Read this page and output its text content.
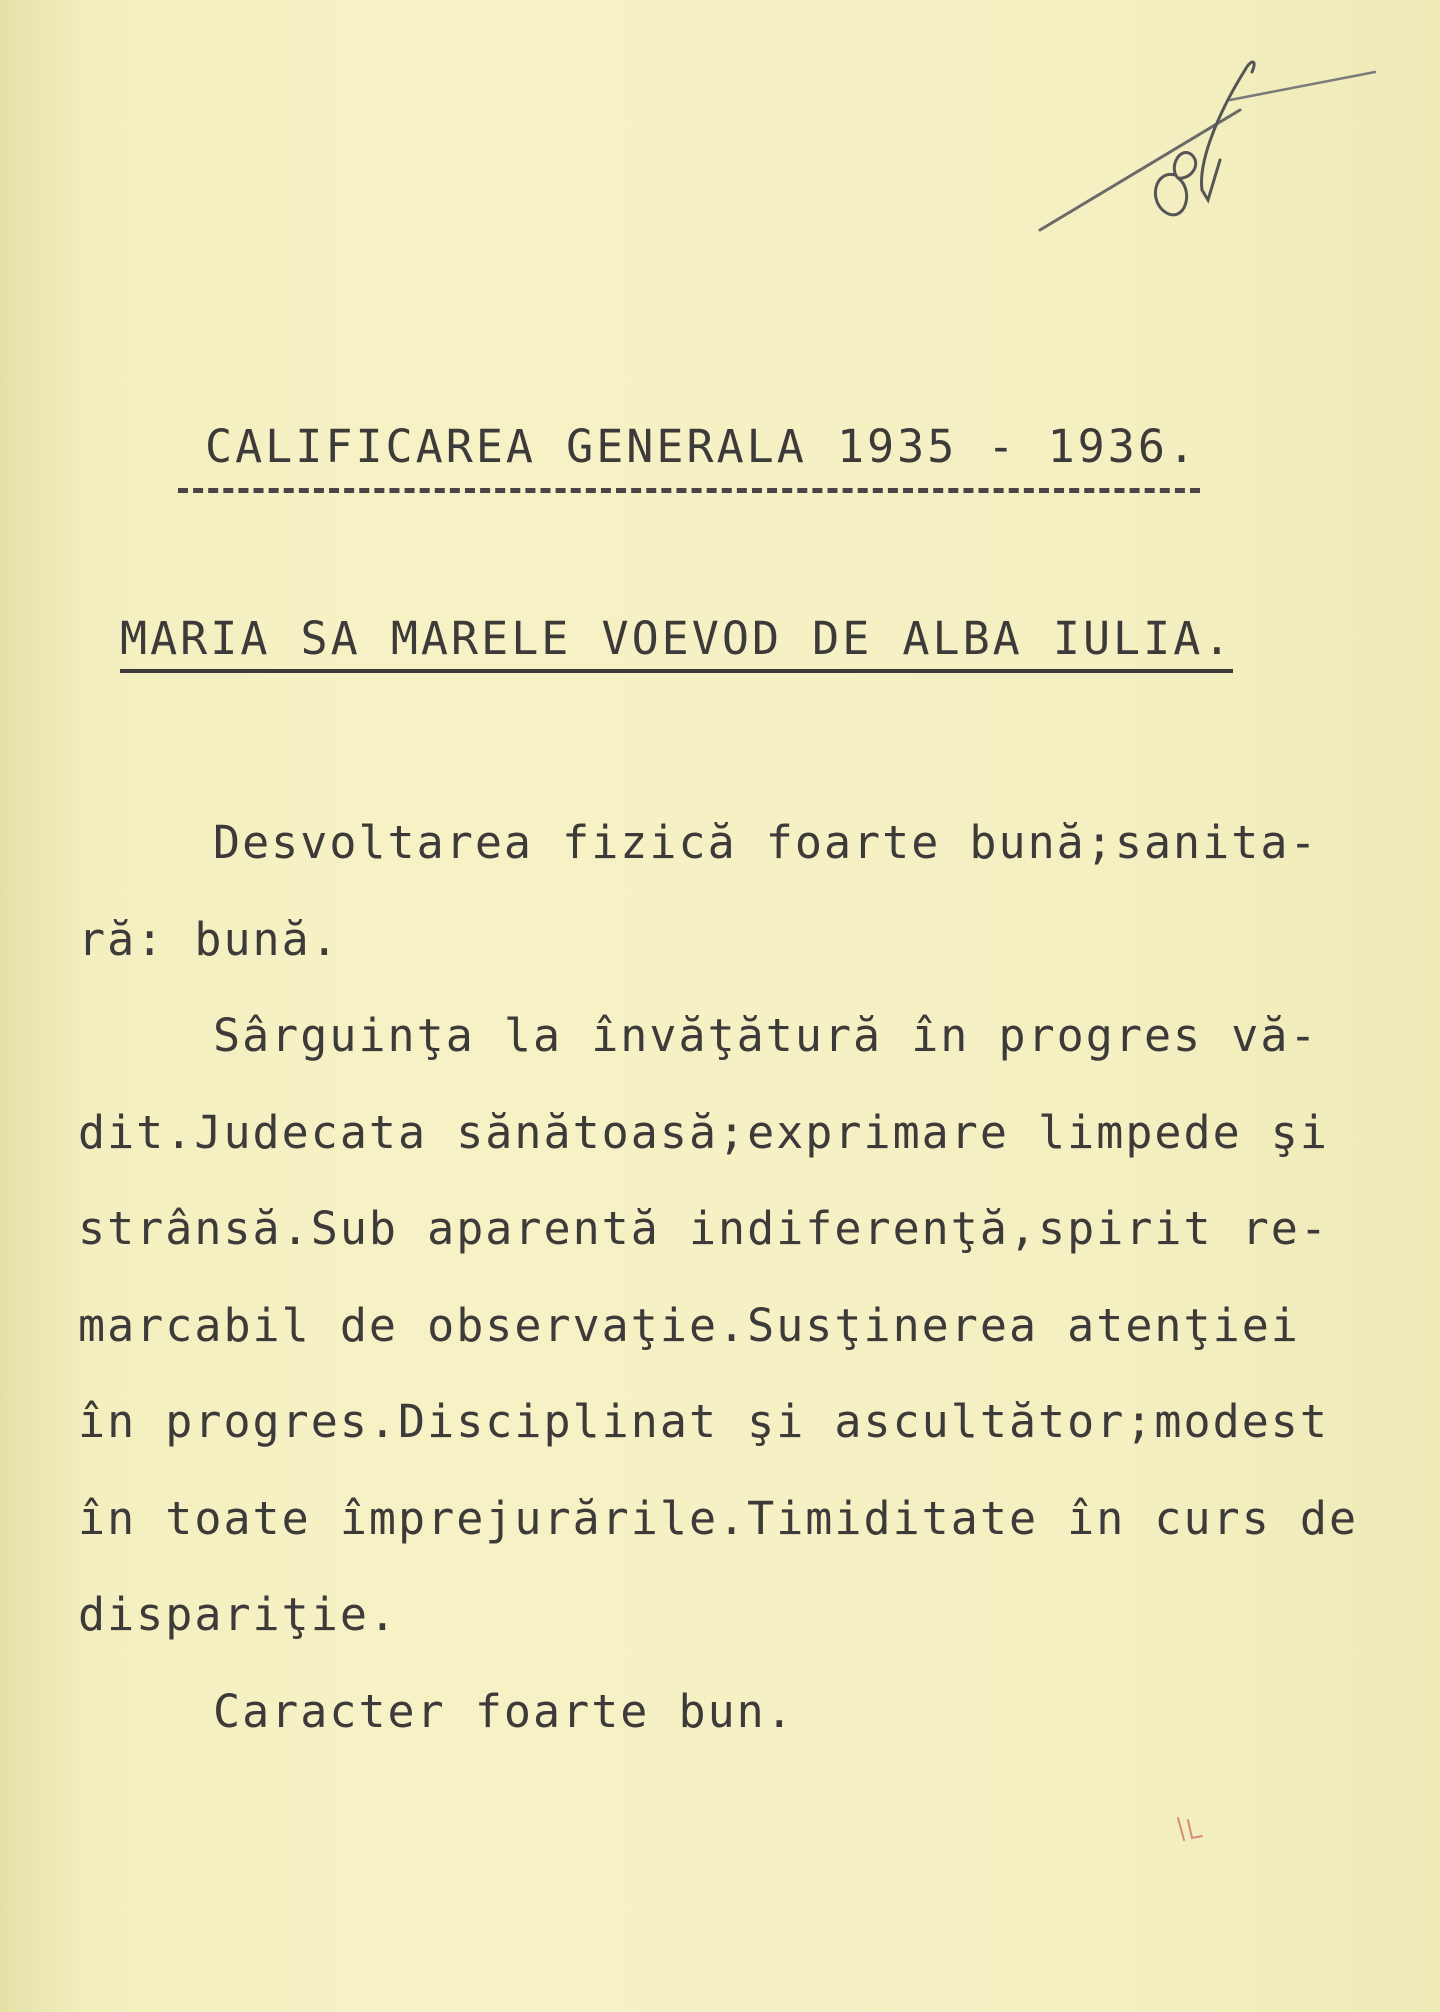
CALIFICAREA GENERALA 1935 - 1936.
MARIA SA MARELE VOEVOD DE ALBA IULIA.
Desvoltarea fizică foarte bună;sanita-
ră: bună.
Sârguinţa la învăţătură în progres vă-
dit.Judecata sănătoasă;exprimare limpede şi
strânsă.Sub aparentă indiferenţă,spirit re-
marcabil de observaţie.Susţinerea atenţiei
în progres.Disciplinat şi ascultător;modest
în toate împrejurările.Timiditate în curs de
dispariţie.
Caracter foarte bun.
